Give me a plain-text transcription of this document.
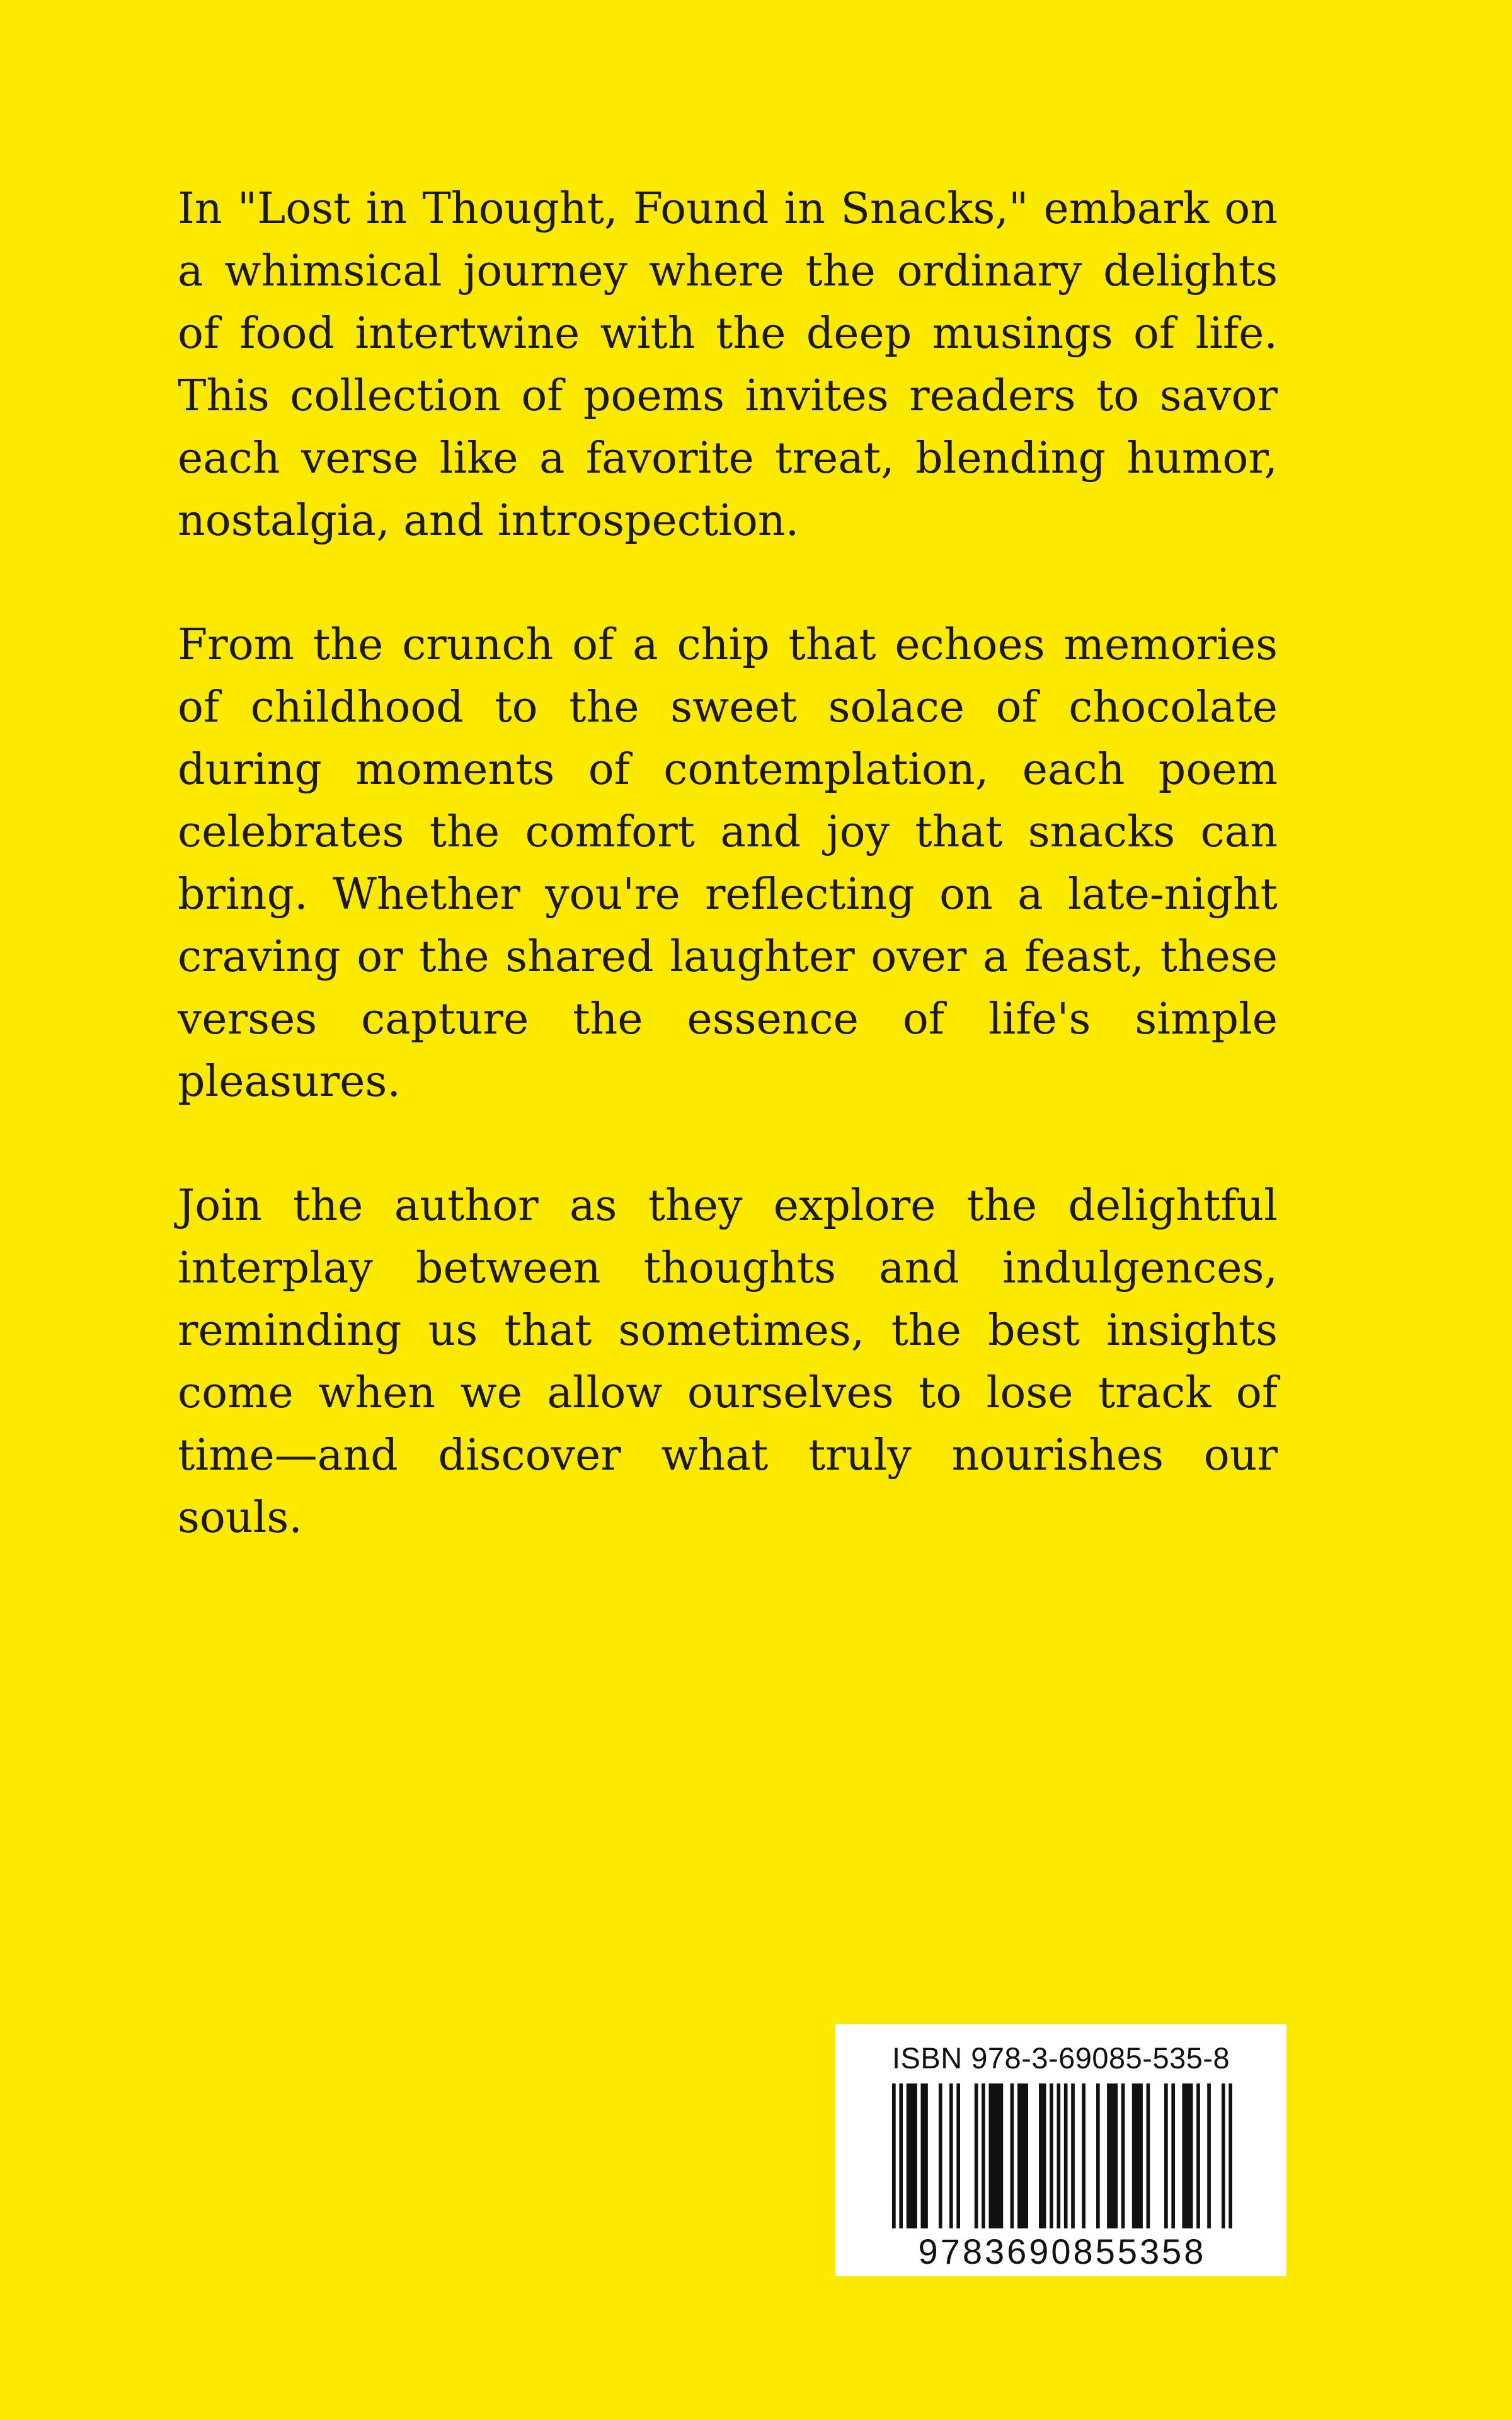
In "Lost in Thought, Found in Snacks," embark on a whimsical journey where the ordinary delights of food intertwine with the deep musings of life. This collection of poems invites readers to savor each verse like a favorite treat, blending humor, nostalgia, and introspection.

From the crunch of a chip that echoes memories of childhood to the sweet solace of chocolate during moments of contemplation, each poem celebrates the comfort and joy that snacks can bring. Whether you're reflecting on a late-night craving or the shared laughter over a feast, these verses capture the essence of life's simple pleasures.

Join the author as they explore the delightful interplay between thoughts and indulgences, reminding us that sometimes, the best insights come when we allow ourselves to lose track of time—and discover what truly nourishes our souls.

ISBN 978-3-69085-535-8
9783690855358
